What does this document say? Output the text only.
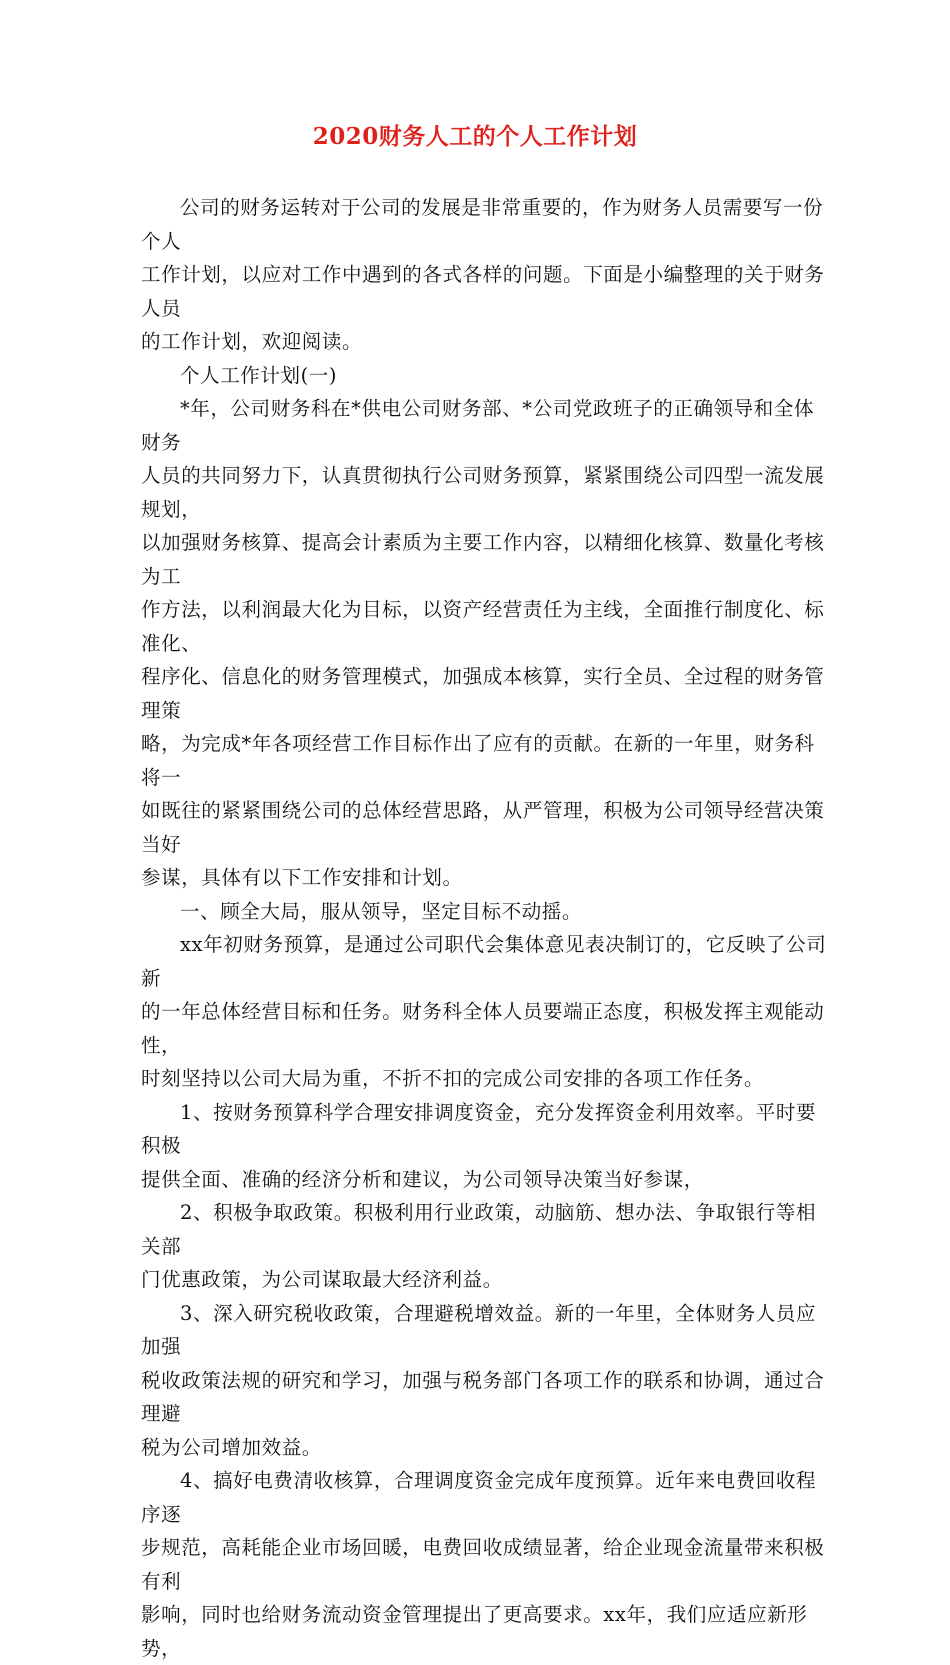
2020财务人工的个人工作计划

公司的财务运转对于公司的发展是非常重要的，作为财务人员需要写一份个人
工作计划，以应对工作中遇到的各式各样的问题。下面是小编整理的关于财务人员
的工作计划，欢迎阅读。

个人工作计划(一)

*年，公司财务科在*供电公司财务部、*公司党政班子的正确领导和全体财务
人员的共同努力下，认真贯彻执行公司财务预算，紧紧围绕公司四型一流发展规划，
以加强财务核算、提高会计素质为主要工作内容，以精细化核算、数量化考核为工
作方法，以利润最大化为目标，以资产经营责任为主线，全面推行制度化、标准化、
程序化、信息化的财务管理模式，加强成本核算，实行全员、全过程的财务管理策
略，为完成*年各项经营工作目标作出了应有的贡献。在新的一年里，财务科将一
如既往的紧紧围绕公司的总体经营思路，从严管理，积极为公司领导经营决策当好
参谋，具体有以下工作安排和计划。

一、顾全大局，服从领导，坚定目标不动摇。

xx年初财务预算，是通过公司职代会集体意见表决制订的，它反映了公司新
的一年总体经营目标和任务。财务科全体人员要端正态度，积极发挥主观能动性，
时刻坚持以公司大局为重，不折不扣的完成公司安排的各项工作任务。

1、按财务预算科学合理安排调度资金，充分发挥资金利用效率。平时要积极
提供全面、准确的经济分析和建议，为公司领导决策当好参谋，

2、积极争取政策。积极利用行业政策，动脑筋、想办法、争取银行等相关部
门优惠政策，为公司谋取最大经济利益。

3、深入研究税收政策，合理避税增效益。新的一年里，全体财务人员应加强
税收政策法规的研究和学习，加强与税务部门各项工作的联系和协调，通过合理避
税为公司增加效益。

4、搞好电费清收核算，合理调度资金完成年度预算。近年来电费回收程序逐
步规范，高耗能企业市场回暖，电费回收成绩显著，给企业现金流量带来积极有利
影响，同时也给财务流动资金管理提出了更高要求。xx年，我们应适应新形势，
